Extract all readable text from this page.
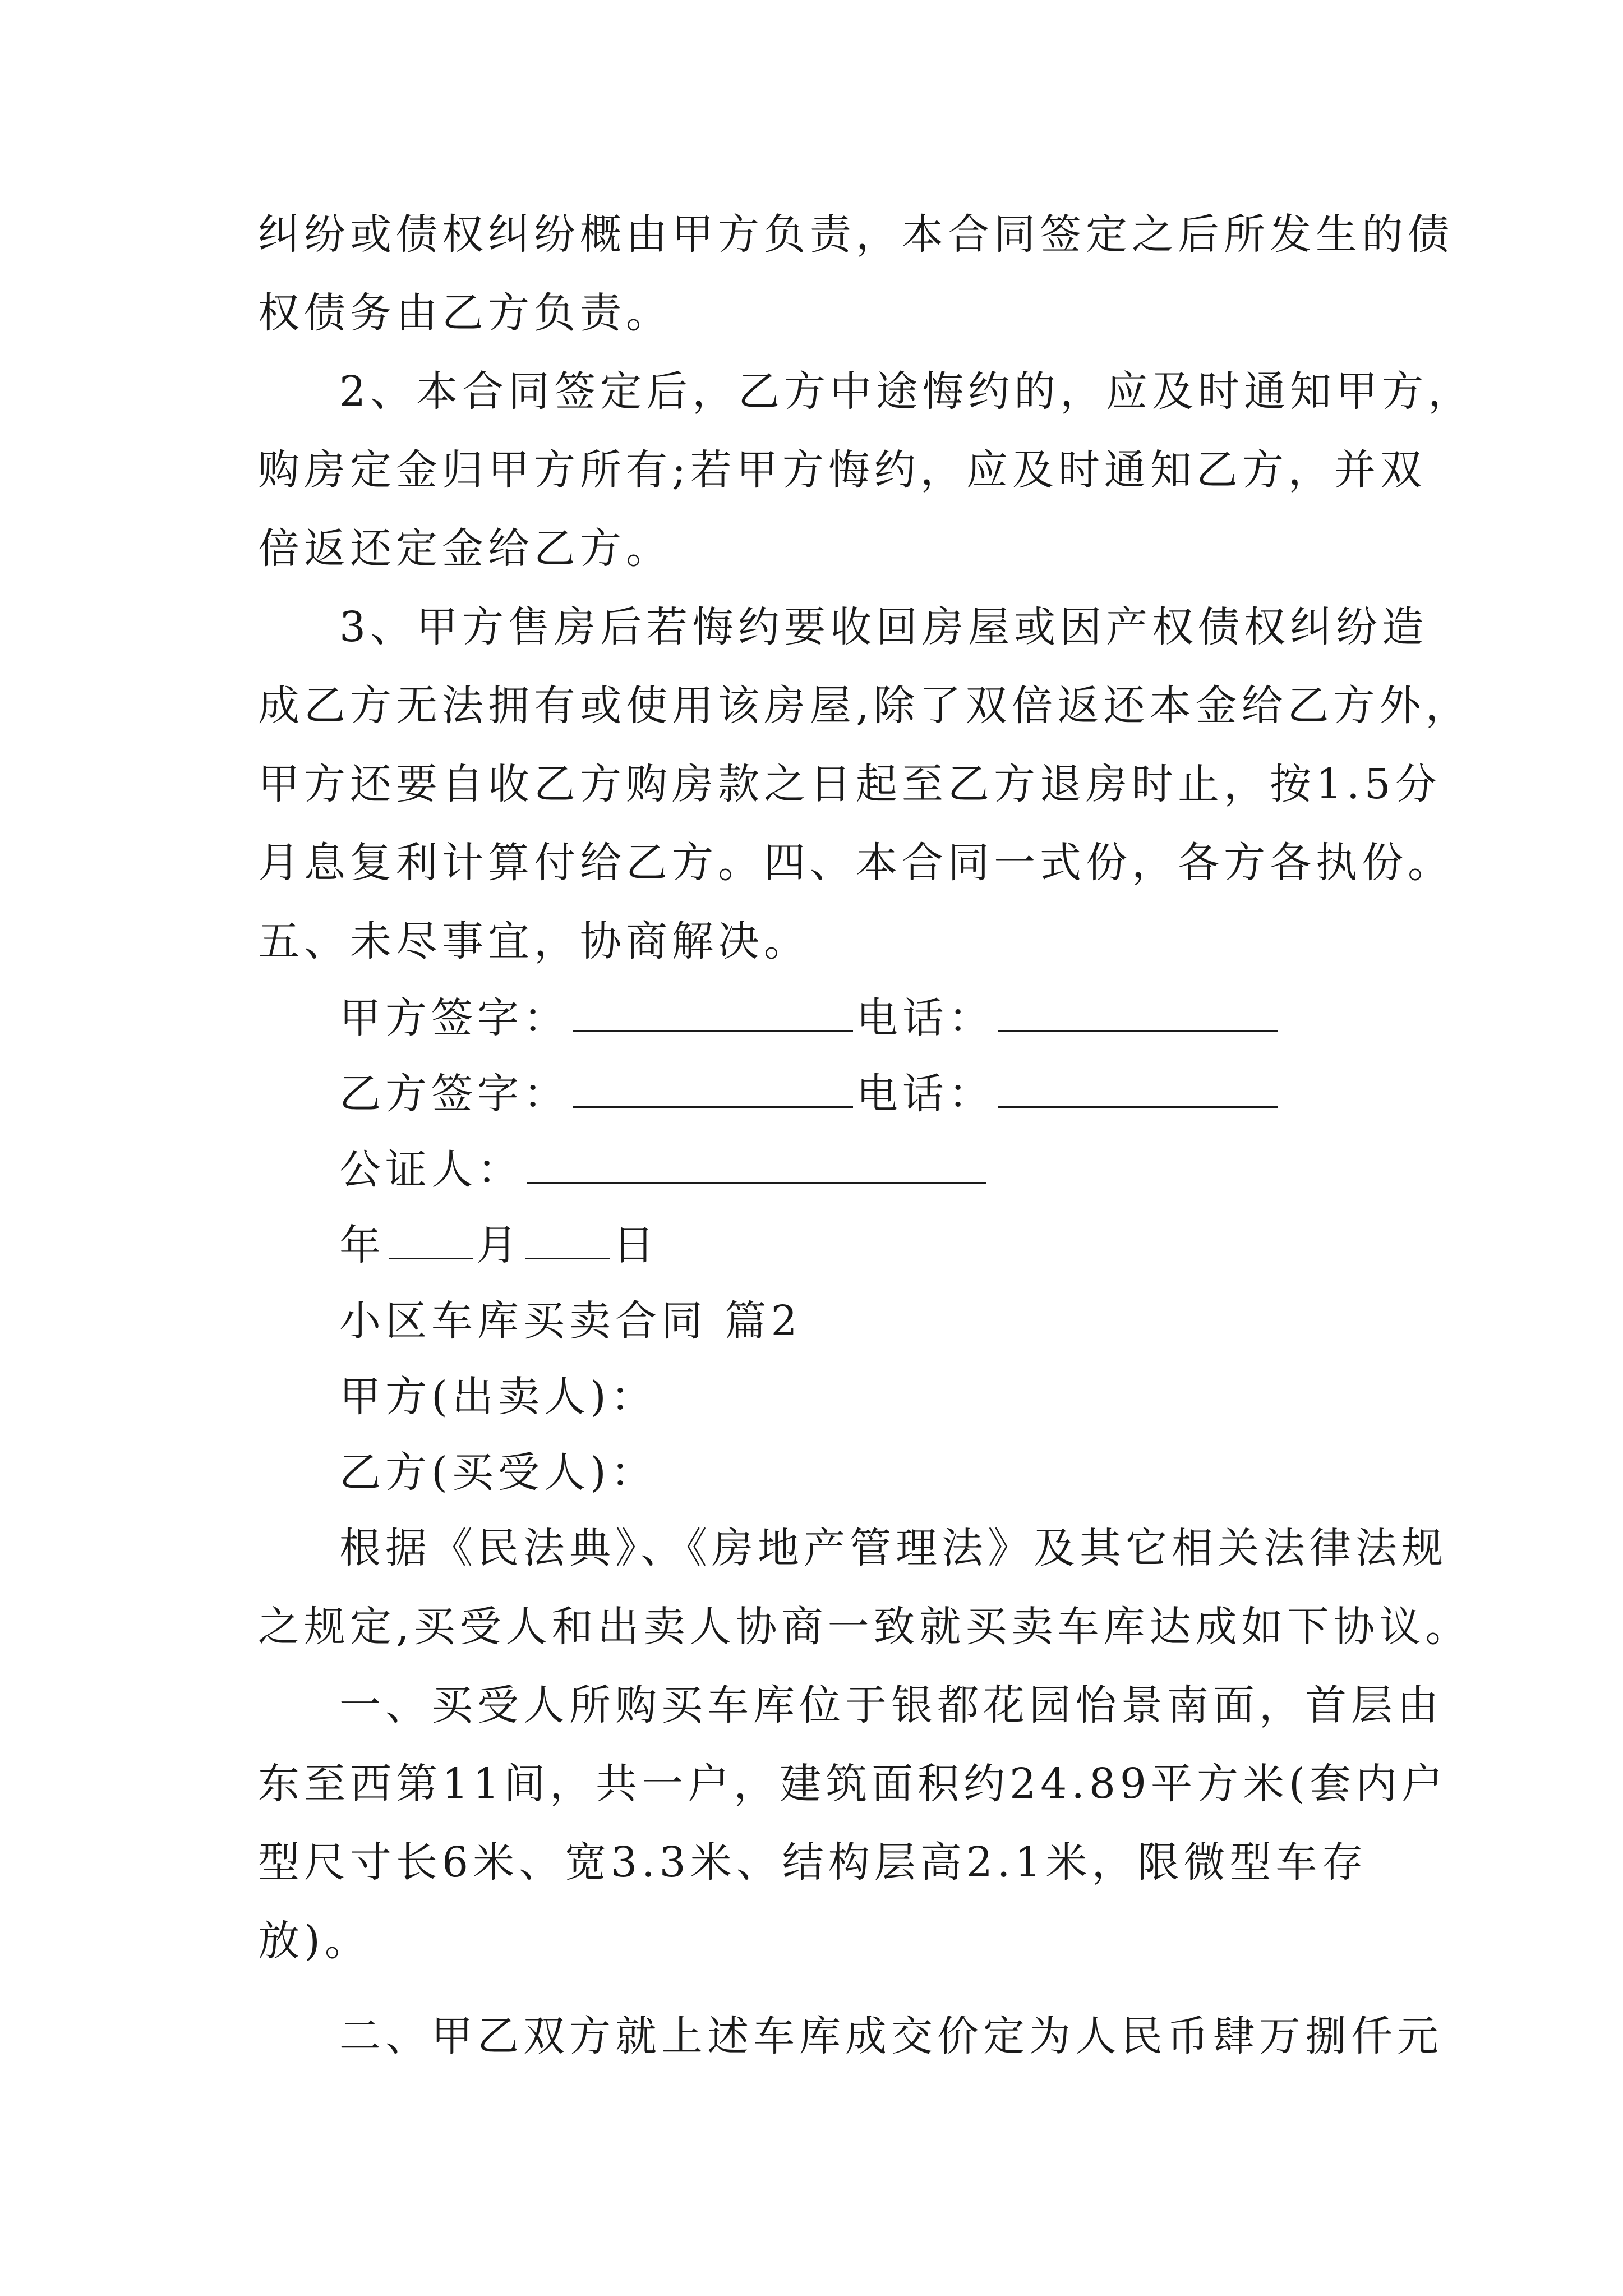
纠纷或债权纠纷概由甲方负责，本合同签定之后所发生的债
权债务由乙方负责。
2、本合同签定后，乙方中途悔约的，应及时通知甲方，
购房定金归甲方所有;若甲方悔约，应及时通知乙方，并双
倍返还定金给乙方。
3、甲方售房后若悔约要收回房屋或因产权债权纠纷造
成乙方无法拥有或使用该房屋,除了双倍返还本金给乙方外，
甲方还要自收乙方购房款之日起至乙方退房时止，按1.5分
月息复利计算付给乙方。四、本合同一式份，各方各执份。
五、未尽事宜，协商解决。
甲方签字：	电话：
乙方签字：	电话：
公证人：
年 月 日
小区车库买卖合同 篇2
甲方(出卖人)：
乙方(买受人)：
根据《民法典》、《房地产管理法》及其它相关法律法规
之规定,买受人和出卖人协商一致就买卖车库达成如下协议。
一、买受人所购买车库位于银都花园怡景南面，首层由
东至西第11间，共一户，建筑面积约24.89平方米(套内户
型尺寸长6米、宽3.3米、结构层高2.1米，限微型车存
放)。
二、甲乙双方就上述车库成交价定为人民币肆万捌仟元
